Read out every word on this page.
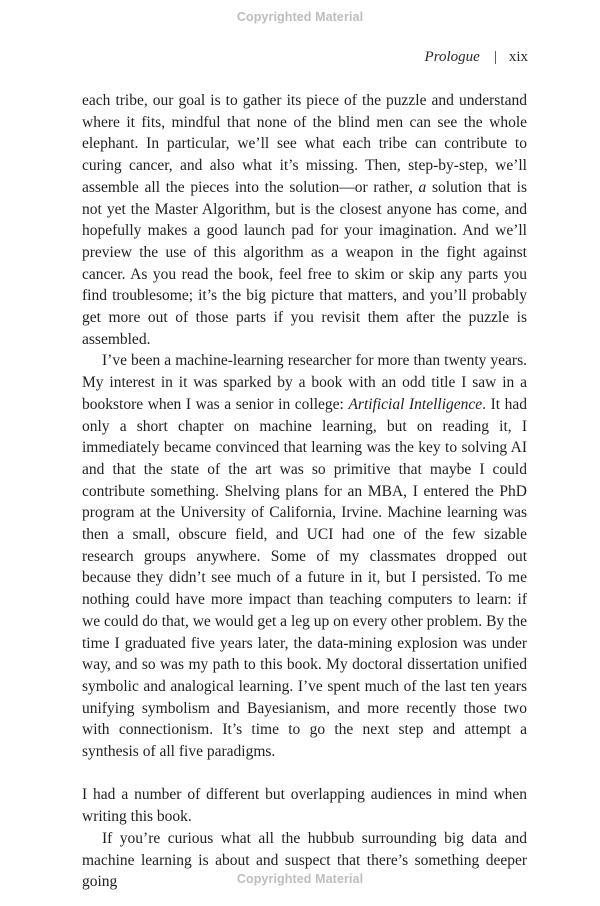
Copyrighted Material
Prologue | xix

each tribe, our goal is to gather its piece of the puzzle and understand where it fits, mindful that none of the blind men can see the whole elephant. In particular, we’ll see what each tribe can contribute to curing cancer, and also what it’s missing. Then, step-by-step, we’ll assemble all the pieces into the solution—or rather, a solution that is not yet the Master Algorithm, but is the closest anyone has come, and hopefully makes a good launch pad for your imagination. And we’ll preview the use of this algorithm as a weapon in the fight against cancer. As you read the book, feel free to skim or skip any parts you find troublesome; it’s the big picture that matters, and you’ll probably get more out of those parts if you revisit them after the puzzle is assembled.

I’ve been a machine-learning researcher for more than twenty years. My interest in it was sparked by a book with an odd title I saw in a bookstore when I was a senior in college: Artificial Intelligence. It had only a short chapter on machine learning, but on reading it, I immediately became convinced that learning was the key to solving AI and that the state of the art was so primitive that maybe I could contribute something. Shelving plans for an MBA, I entered the PhD program at the University of California, Irvine. Machine learning was then a small, obscure field, and UCI had one of the few sizable research groups anywhere. Some of my classmates dropped out because they didn’t see much of a future in it, but I persisted. To me nothing could have more impact than teaching computers to learn: if we could do that, we would get a leg up on every other problem. By the time I graduated five years later, the data-mining explosion was under way, and so was my path to this book. My doctoral dissertation unified symbolic and analogical learning. I’ve spent much of the last ten years unifying symbolism and Bayesianism, and more recently those two with connectionism. It’s time to go the next step and attempt a synthesis of all five paradigms.

I had a number of different but overlapping audiences in mind when writing this book.

If you’re curious what all the hubbub surrounding big data and machine learning is about and suspect that there’s something deeper going	Copyrighted Material
